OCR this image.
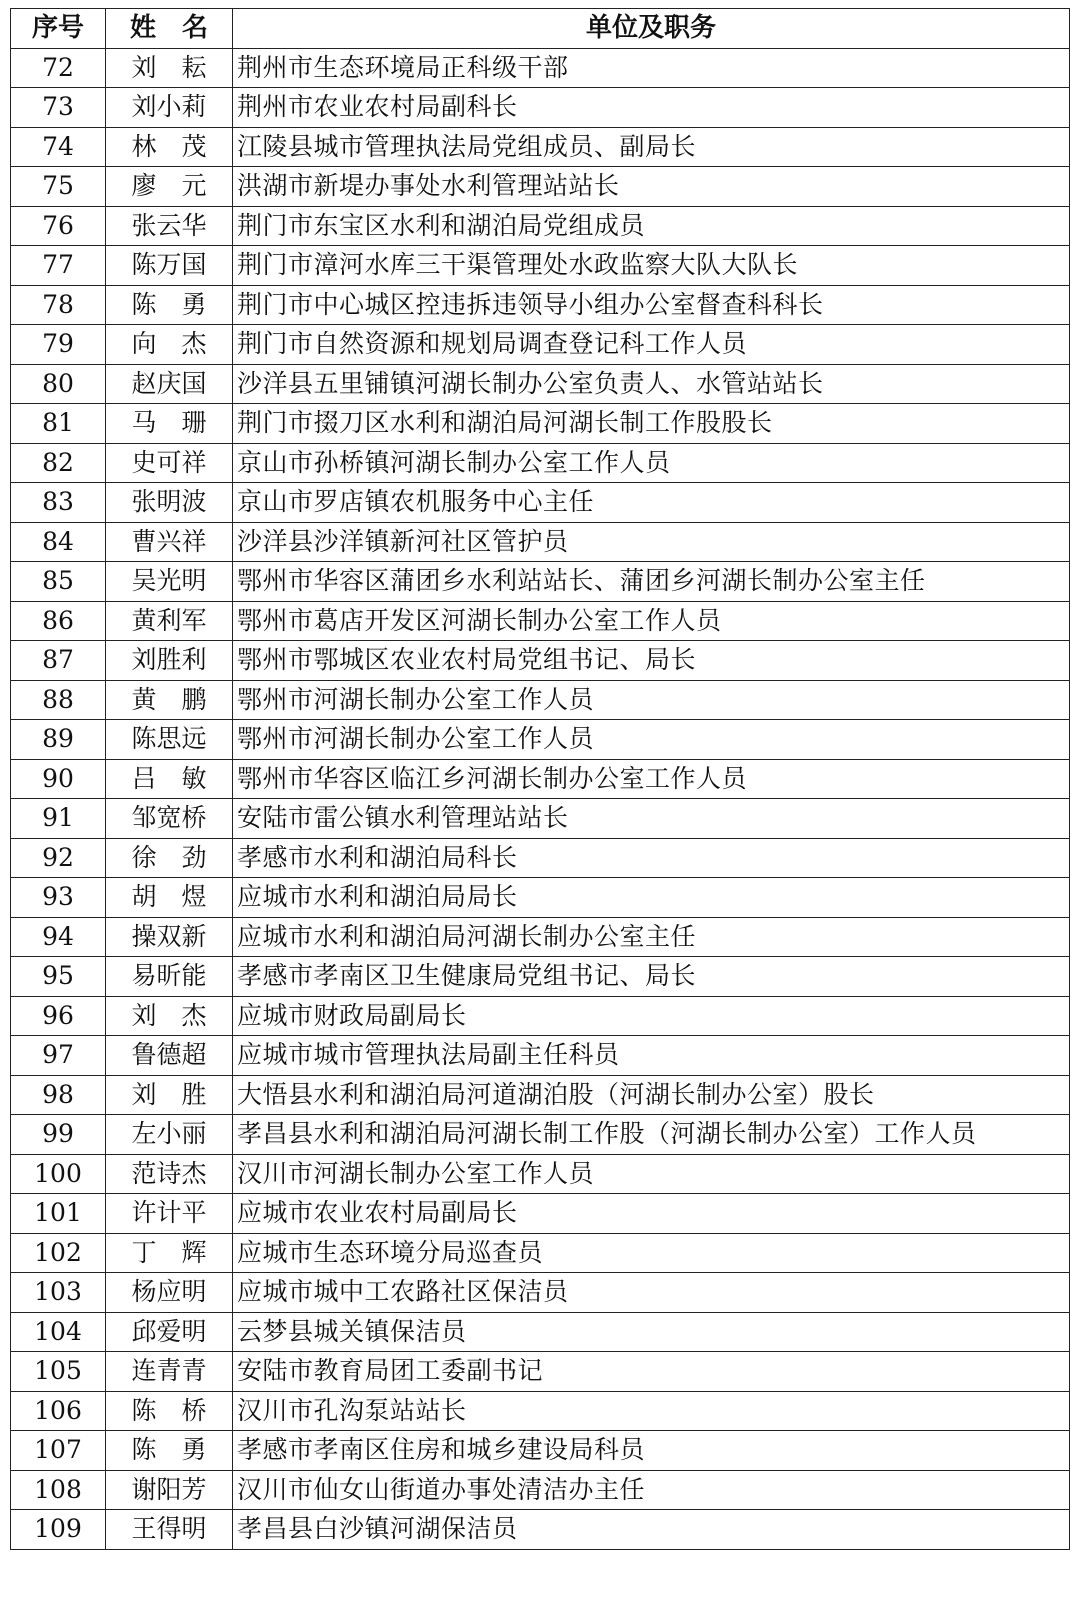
序号	姓　名	单位及职务
72	刘　耘	荆州市生态环境局正科级干部
73	刘小莉	荆州市农业农村局副科长
74	林　茂	江陵县城市管理执法局党组成员、副局长
75	廖　元	洪湖市新堤办事处水利管理站站长
76	张云华	荆门市东宝区水利和湖泊局党组成员
77	陈万国	荆门市漳河水库三干渠管理处水政监察大队大队长
78	陈　勇	荆门市中心城区控违拆违领导小组办公室督查科科长
79	向　杰	荆门市自然资源和规划局调查登记科工作人员
80	赵庆国	沙洋县五里铺镇河湖长制办公室负责人、水管站站长
81	马　珊	荆门市掇刀区水利和湖泊局河湖长制工作股股长
82	史可祥	京山市孙桥镇河湖长制办公室工作人员
83	张明波	京山市罗店镇农机服务中心主任
84	曹兴祥	沙洋县沙洋镇新河社区管护员
85	吴光明	鄂州市华容区蒲团乡水利站站长、蒲团乡河湖长制办公室主任
86	黄利军	鄂州市葛店开发区河湖长制办公室工作人员
87	刘胜利	鄂州市鄂城区农业农村局党组书记、局长
88	黄　鹏	鄂州市河湖长制办公室工作人员
89	陈思远	鄂州市河湖长制办公室工作人员
90	吕　敏	鄂州市华容区临江乡河湖长制办公室工作人员
91	邹宽桥	安陆市雷公镇水利管理站站长
92	徐　劲	孝感市水利和湖泊局科长
93	胡　煜	应城市水利和湖泊局局长
94	操双新	应城市水利和湖泊局河湖长制办公室主任
95	易昕能	孝感市孝南区卫生健康局党组书记、局长
96	刘　杰	应城市财政局副局长
97	鲁德超	应城市城市管理执法局副主任科员
98	刘　胜	大悟县水利和湖泊局河道湖泊股（河湖长制办公室）股长
99	左小丽	孝昌县水利和湖泊局河湖长制工作股（河湖长制办公室）工作人员
100	范诗杰	汉川市河湖长制办公室工作人员
101	许计平	应城市农业农村局副局长
102	丁　辉	应城市生态环境分局巡查员
103	杨应明	应城市城中工农路社区保洁员
104	邱爱明	云梦县城关镇保洁员
105	连青青	安陆市教育局团工委副书记
106	陈　桥	汉川市孔沟泵站站长
107	陈　勇	孝感市孝南区住房和城乡建设局科员
108	谢阳芳	汉川市仙女山街道办事处清洁办主任
109	王得明	孝昌县白沙镇河湖保洁员
